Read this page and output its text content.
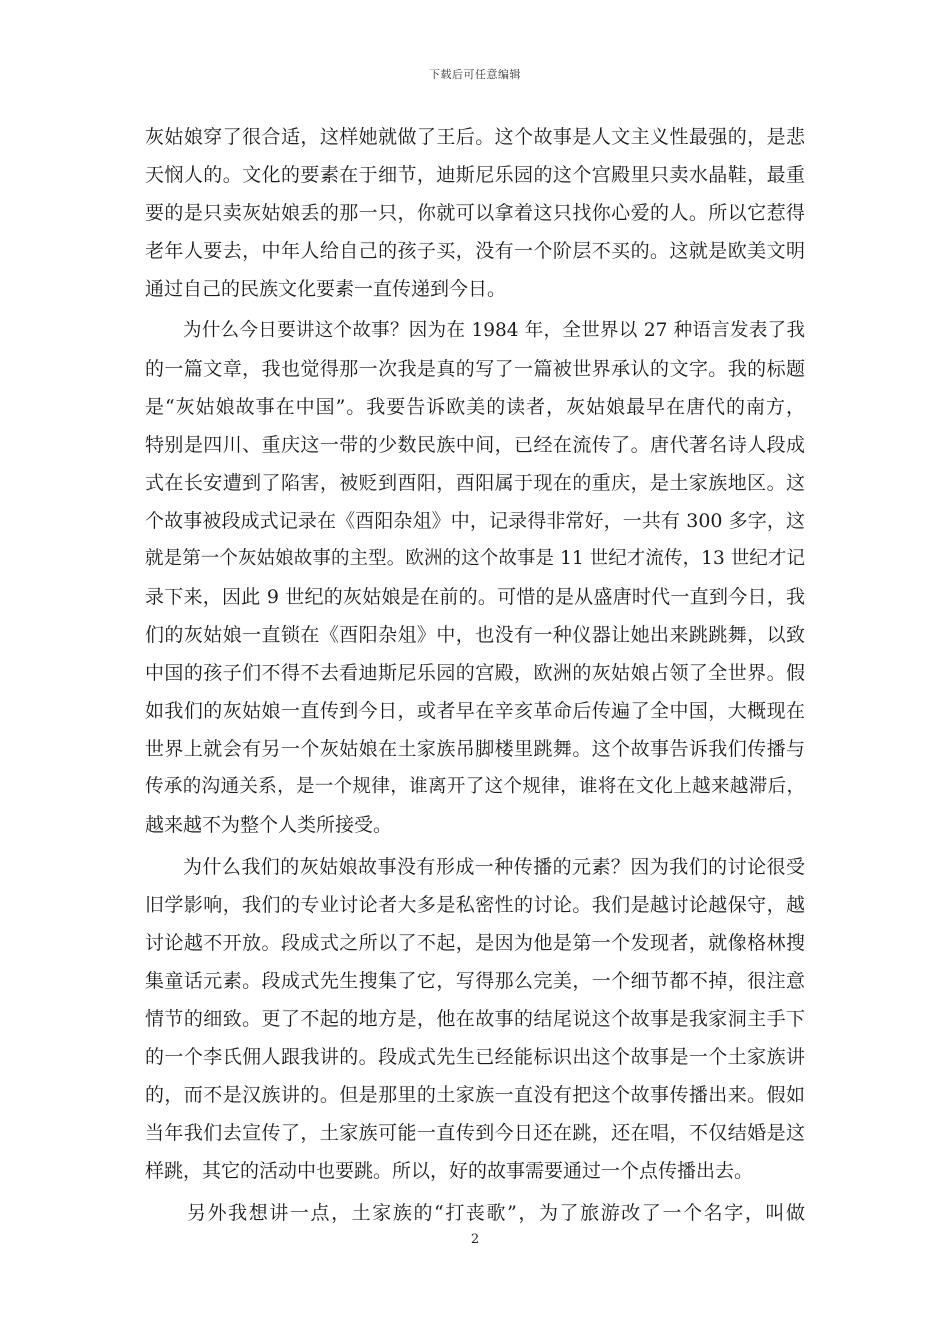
下载后可任意编辑
灰姑娘穿了很合适，这样她就做了王后。这个故事是人文主义性最强的，是悲
天悯人的。文化的要素在于细节，迪斯尼乐园的这个宫殿里只卖水晶鞋，最重
要的是只卖灰姑娘丢的那一只，你就可以拿着这只找你心爱的人。所以它惹得
老年人要去，中年人给自己的孩子买，没有一个阶层不买的。这就是欧美文明
通过自己的民族文化要素一直传递到今日。
为什么今日要讲这个故事？因为在 1984 年，全世界以 27 种语言发表了我
的一篇文章，我也觉得那一次我是真的写了一篇被世界承认的文字。我的标题
是“灰姑娘故事在中国”。我要告诉欧美的读者，灰姑娘最早在唐代的南方，
特别是四川、重庆这一带的少数民族中间，已经在流传了。唐代著名诗人段成
式在长安遭到了陷害，被贬到酉阳，酉阳属于现在的重庆，是土家族地区。这
个故事被段成式记录在《酉阳杂俎》中，记录得非常好，一共有 300 多字，这
就是第一个灰姑娘故事的主型。欧洲的这个故事是 11 世纪才流传，13 世纪才记
录下来，因此 9 世纪的灰姑娘是在前的。可惜的是从盛唐时代一直到今日，我
们的灰姑娘一直锁在《酉阳杂俎》中，也没有一种仪器让她出来跳跳舞，以致
中国的孩子们不得不去看迪斯尼乐园的宫殿，欧洲的灰姑娘占领了全世界。假
如我们的灰姑娘一直传到今日，或者早在辛亥革命后传遍了全中国，大概现在
世界上就会有另一个灰姑娘在土家族吊脚楼里跳舞。这个故事告诉我们传播与
传承的沟通关系，是一个规律，谁离开了这个规律，谁将在文化上越来越滞后，
越来越不为整个人类所接受。
为什么我们的灰姑娘故事没有形成一种传播的元素？因为我们的讨论很受
旧学影响，我们的专业讨论者大多是私密性的讨论。我们是越讨论越保守，越
讨论越不开放。段成式之所以了不起，是因为他是第一个发现者，就像格林搜
集童话元素。段成式先生搜集了它，写得那么完美，一个细节都不掉，很注意
情节的细致。更了不起的地方是，他在故事的结尾说这个故事是我家洞主手下
的一个李氏佣人跟我讲的。段成式先生已经能标识出这个故事是一个土家族讲
的，而不是汉族讲的。但是那里的土家族一直没有把这个故事传播出来。假如
当年我们去宣传了，土家族可能一直传到今日还在跳，还在唱，不仅结婚是这
样跳，其它的活动中也要跳。所以，好的故事需要通过一个点传播出去。
另外我想讲一点，土家族的“打丧歌”，为了旅游改了一个名字，叫做
2
